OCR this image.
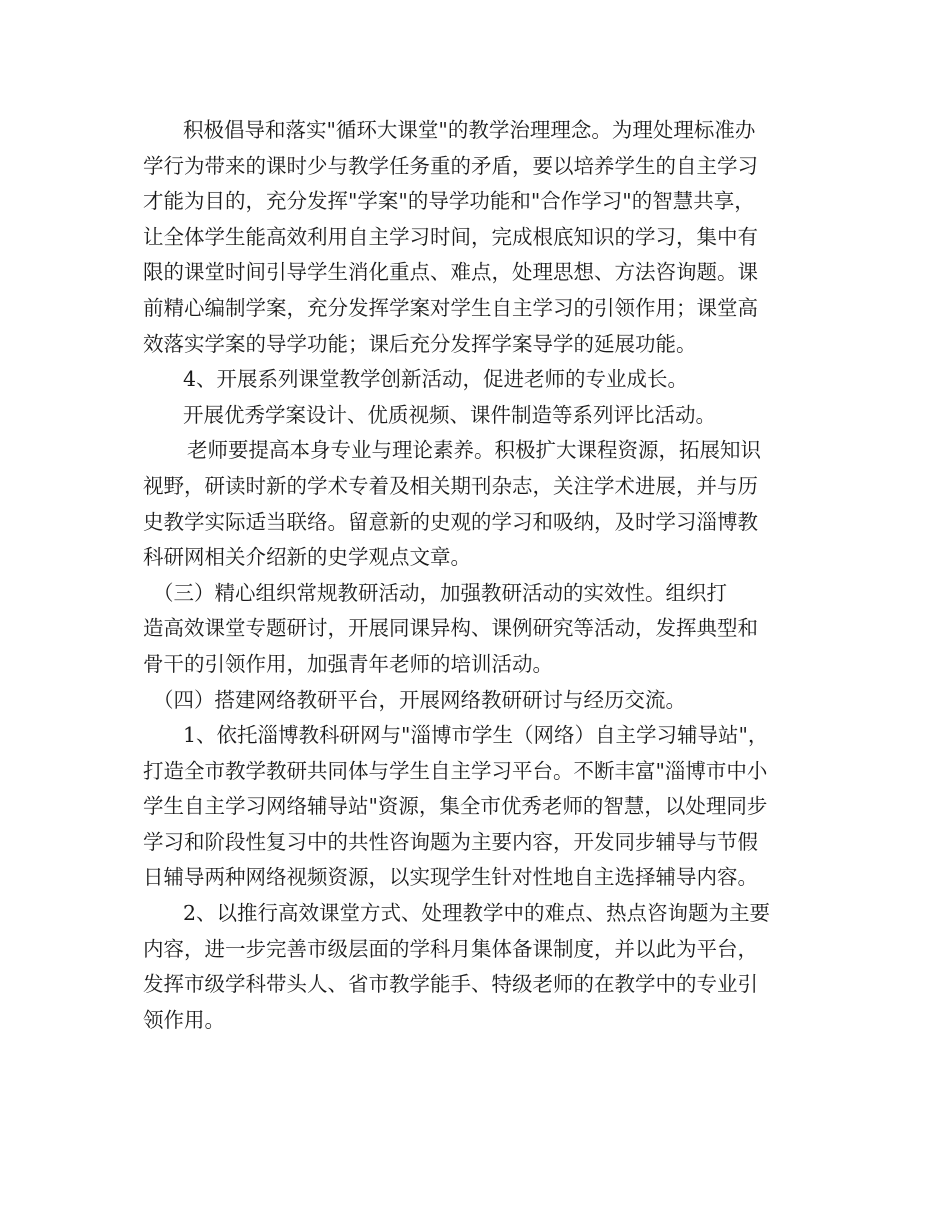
积极倡导和落实"循环大课堂"的教学治理理念。为理处理标准办
学行为带来的课时少与教学任务重的矛盾，要以培养学生的自主学习
才能为目的，充分发挥"学案"的导学功能和"合作学习"的智慧共享，
让全体学生能高效利用自主学习时间，完成根底知识的学习，集中有
限的课堂时间引导学生消化重点、难点，处理思想、方法咨询题。课
前精心编制学案，充分发挥学案对学生自主学习的引领作用；课堂高
效落实学案的导学功能；课后充分发挥学案导学的延展功能。
4、开展系列课堂教学创新活动，促进老师的专业成长。
开展优秀学案设计、优质视频、课件制造等系列评比活动。
老师要提高本身专业与理论素养。积极扩大课程资源，拓展知识
视野，研读时新的学术专着及相关期刊杂志，关注学术进展，并与历
史教学实际适当联络。留意新的史观的学习和吸纳，及时学习淄博教
科研网相关介绍新的史学观点文章。
（三）精心组织常规教研活动，加强教研活动的实效性。组织打
造高效课堂专题研讨，开展同课异构、课例研究等活动，发挥典型和
骨干的引领作用，加强青年老师的培训活动。
（四）搭建网络教研平台，开展网络教研研讨与经历交流。
1、依托淄博教科研网与"淄博市学生（网络）自主学习辅导站"，
打造全市教学教研共同体与学生自主学习平台。不断丰富"淄博市中小
学生自主学习网络辅导站"资源，集全市优秀老师的智慧，以处理同步
学习和阶段性复习中的共性咨询题为主要内容，开发同步辅导与节假
日辅导两种网络视频资源，以实现学生针对性地自主选择辅导内容。
2、以推行高效课堂方式、处理教学中的难点、热点咨询题为主要
内容，进一步完善市级层面的学科月集体备课制度，并以此为平台，
发挥市级学科带头人、省市教学能手、特级老师的在教学中的专业引
领作用。
